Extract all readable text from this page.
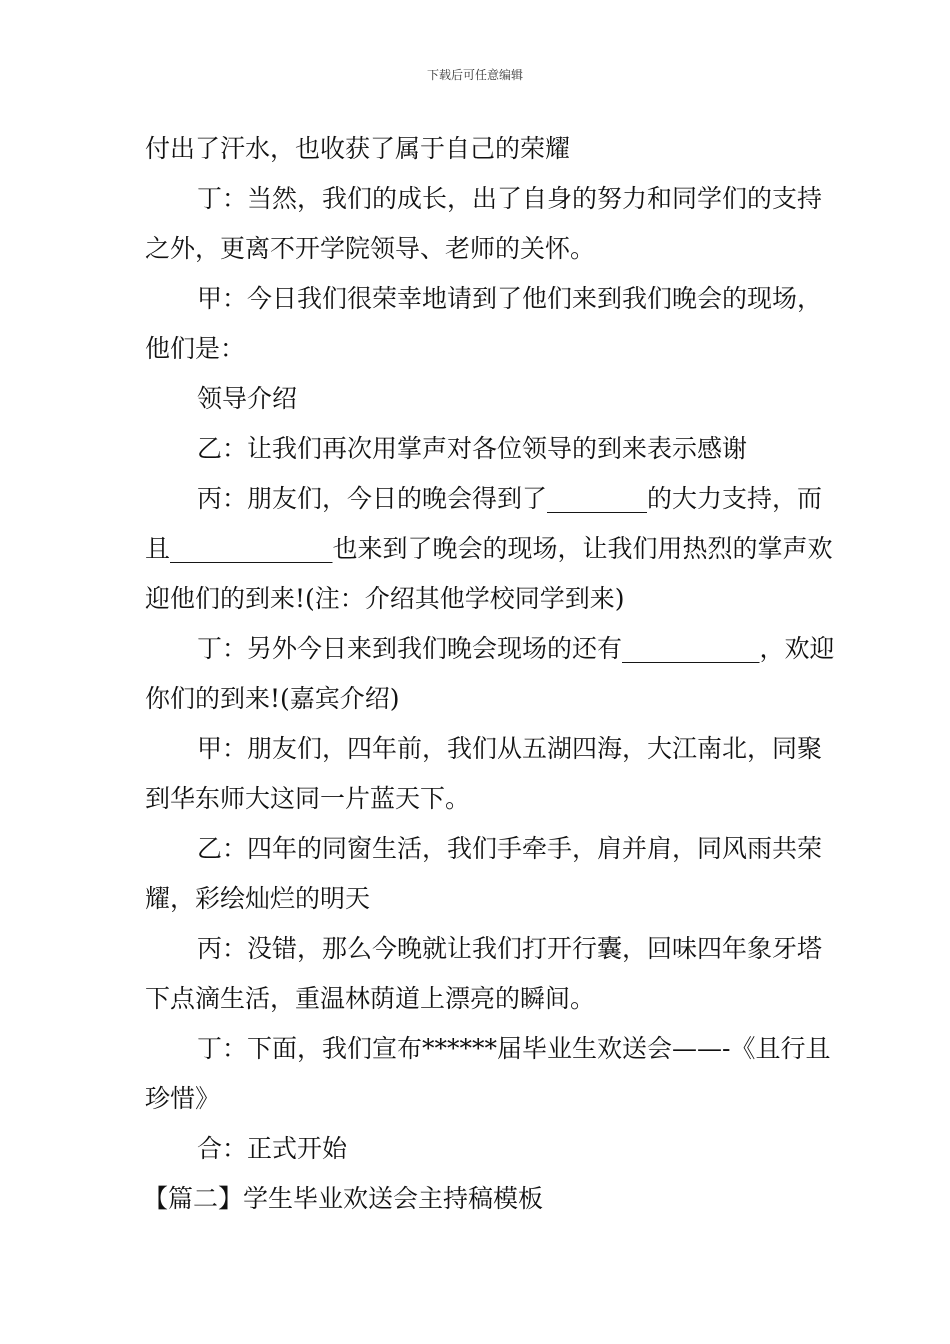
下载后可任意编辑

付出了汗水，也收获了属于自己的荣耀

丁：当然，我们的成长，出了自身的努力和同学们的支持之外，更离不开学院领导、老师的关怀。

甲：今日我们很荣幸地请到了他们来到我们晚会的现场，他们是：

领导介绍

乙：让我们再次用掌声对各位领导的到来表示感谢

丙：朋友们，今日的晚会得到了________的大力支持，而且_____________也来到了晚会的现场，让我们用热烈的掌声欢迎他们的到来!(注：介绍其他学校同学到来)

丁：另外今日来到我们晚会现场的还有___________，欢迎你们的到来!(嘉宾介绍)

甲：朋友们，四年前，我们从五湖四海，大江南北，同聚到华东师大这同一片蓝天下。

乙：四年的同窗生活，我们手牵手，肩并肩，同风雨共荣耀，彩绘灿烂的明天

丙：没错，那么今晚就让我们打开行囊，回味四年象牙塔下点滴生活，重温林荫道上漂亮的瞬间。

丁：下面，我们宣布******届毕业生欢送会——-《且行且珍惜》

合：正式开始

【篇二】学生毕业欢送会主持稿模板
